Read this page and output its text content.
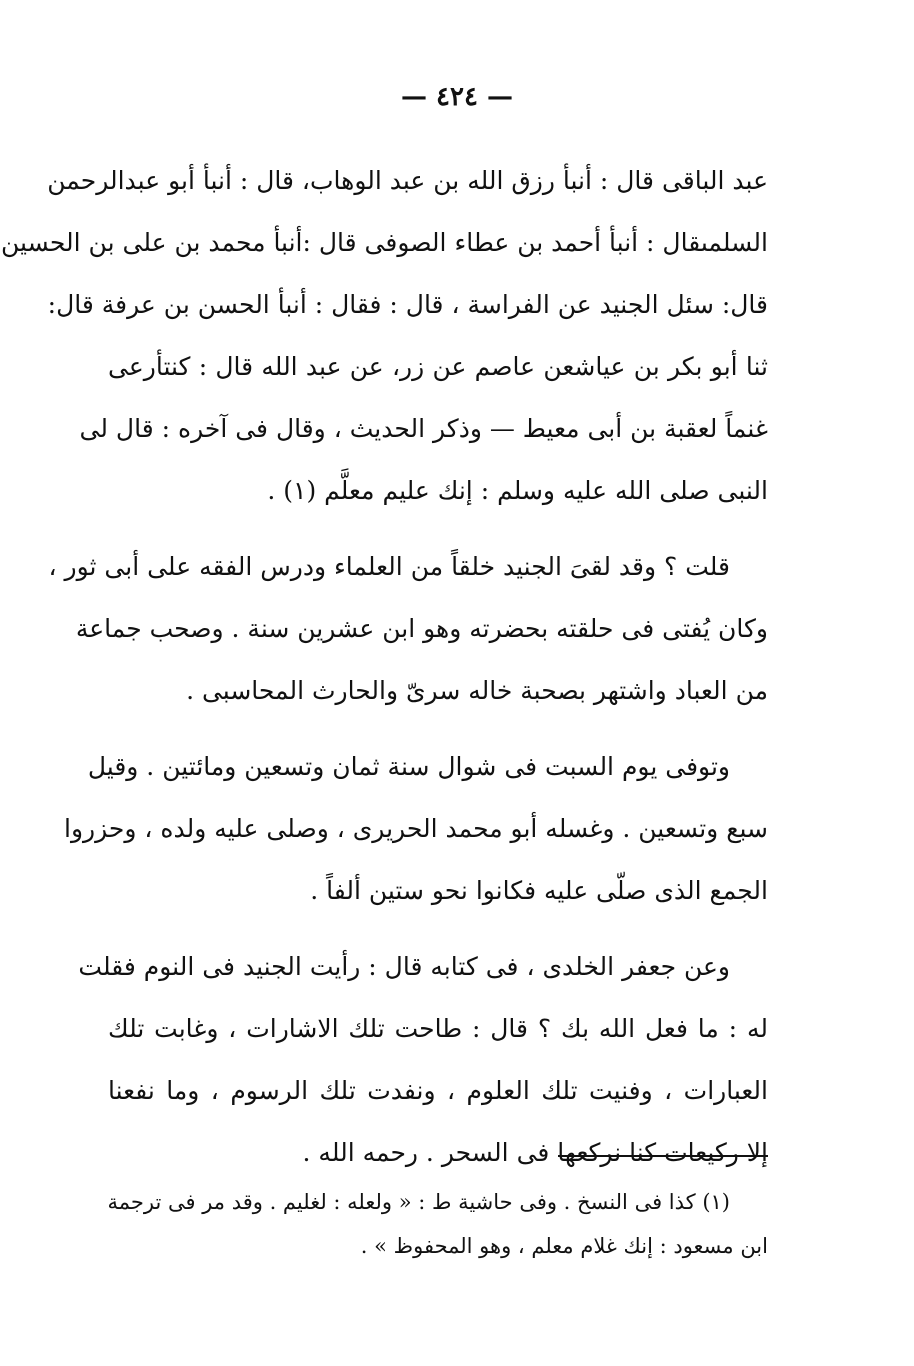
— ٤٢٤ —
عبد الباقى قال : أنبأ رزق الله بن عبد الوهاب، قال : أنبأ أبو عبدالرحمن
السلمىقال : أنبأ أحمد بن عطاء الصوفى قال :أنبأ محمد بن على بن الحسين
قال: سئل الجنيد عن الفراسة ، قال : فقال : أنبأ الحسن بن عرفة قال:
ثنا أبو بكر بن عياشعن عاصم عن زر، عن عبد الله قال : كنتأرعى
غنماً لعقبة بن أبى معيط — وذكر الحديث ، وقال فى آخره : قال لى
النبى صلى الله عليه وسلم : إنك عليم معلَّم (١) .
قلت ؟ وقد لقىَ الجنيد خلقاً من العلماء ودرس الفقه على أبى ثور ،
وكان يُفتى فى حلقته بحضرته وهو ابن عشرين سنة . وصحب جماعة
من العباد واشتهر بصحبة خاله سرىّ والحارث المحاسبى .
وتوفى يوم السبت فى شوال سنة ثمان وتسعين ومائتين . وقيل
سبع وتسعين . وغسله أبو محمد الحريرى ، وصلى عليه ولده ، وحزروا
الجمع الذى صلّى عليه فكانوا نحو ستين ألفاً .
وعن جعفر الخلدى ، فى كتابه قال : رأيت الجنيد فى النوم فقلت
له : ما فعل الله بك ؟ قال : طاحت تلك الاشارات ، وغابت تلك
العبارات ، وفنيت تلك العلوم ، ونفدت تلك الرسوم ، وما نفعنا
إلا ركيعات كنا نركعها فى السحر . رحمه الله .
(١) كذا فى النسخ . وفى حاشية ط : « ولعله : لغليم . وقد مر فى ترجمة
ابن مسعود : إنك غلام معلم ، وهو المحفوظ » .
